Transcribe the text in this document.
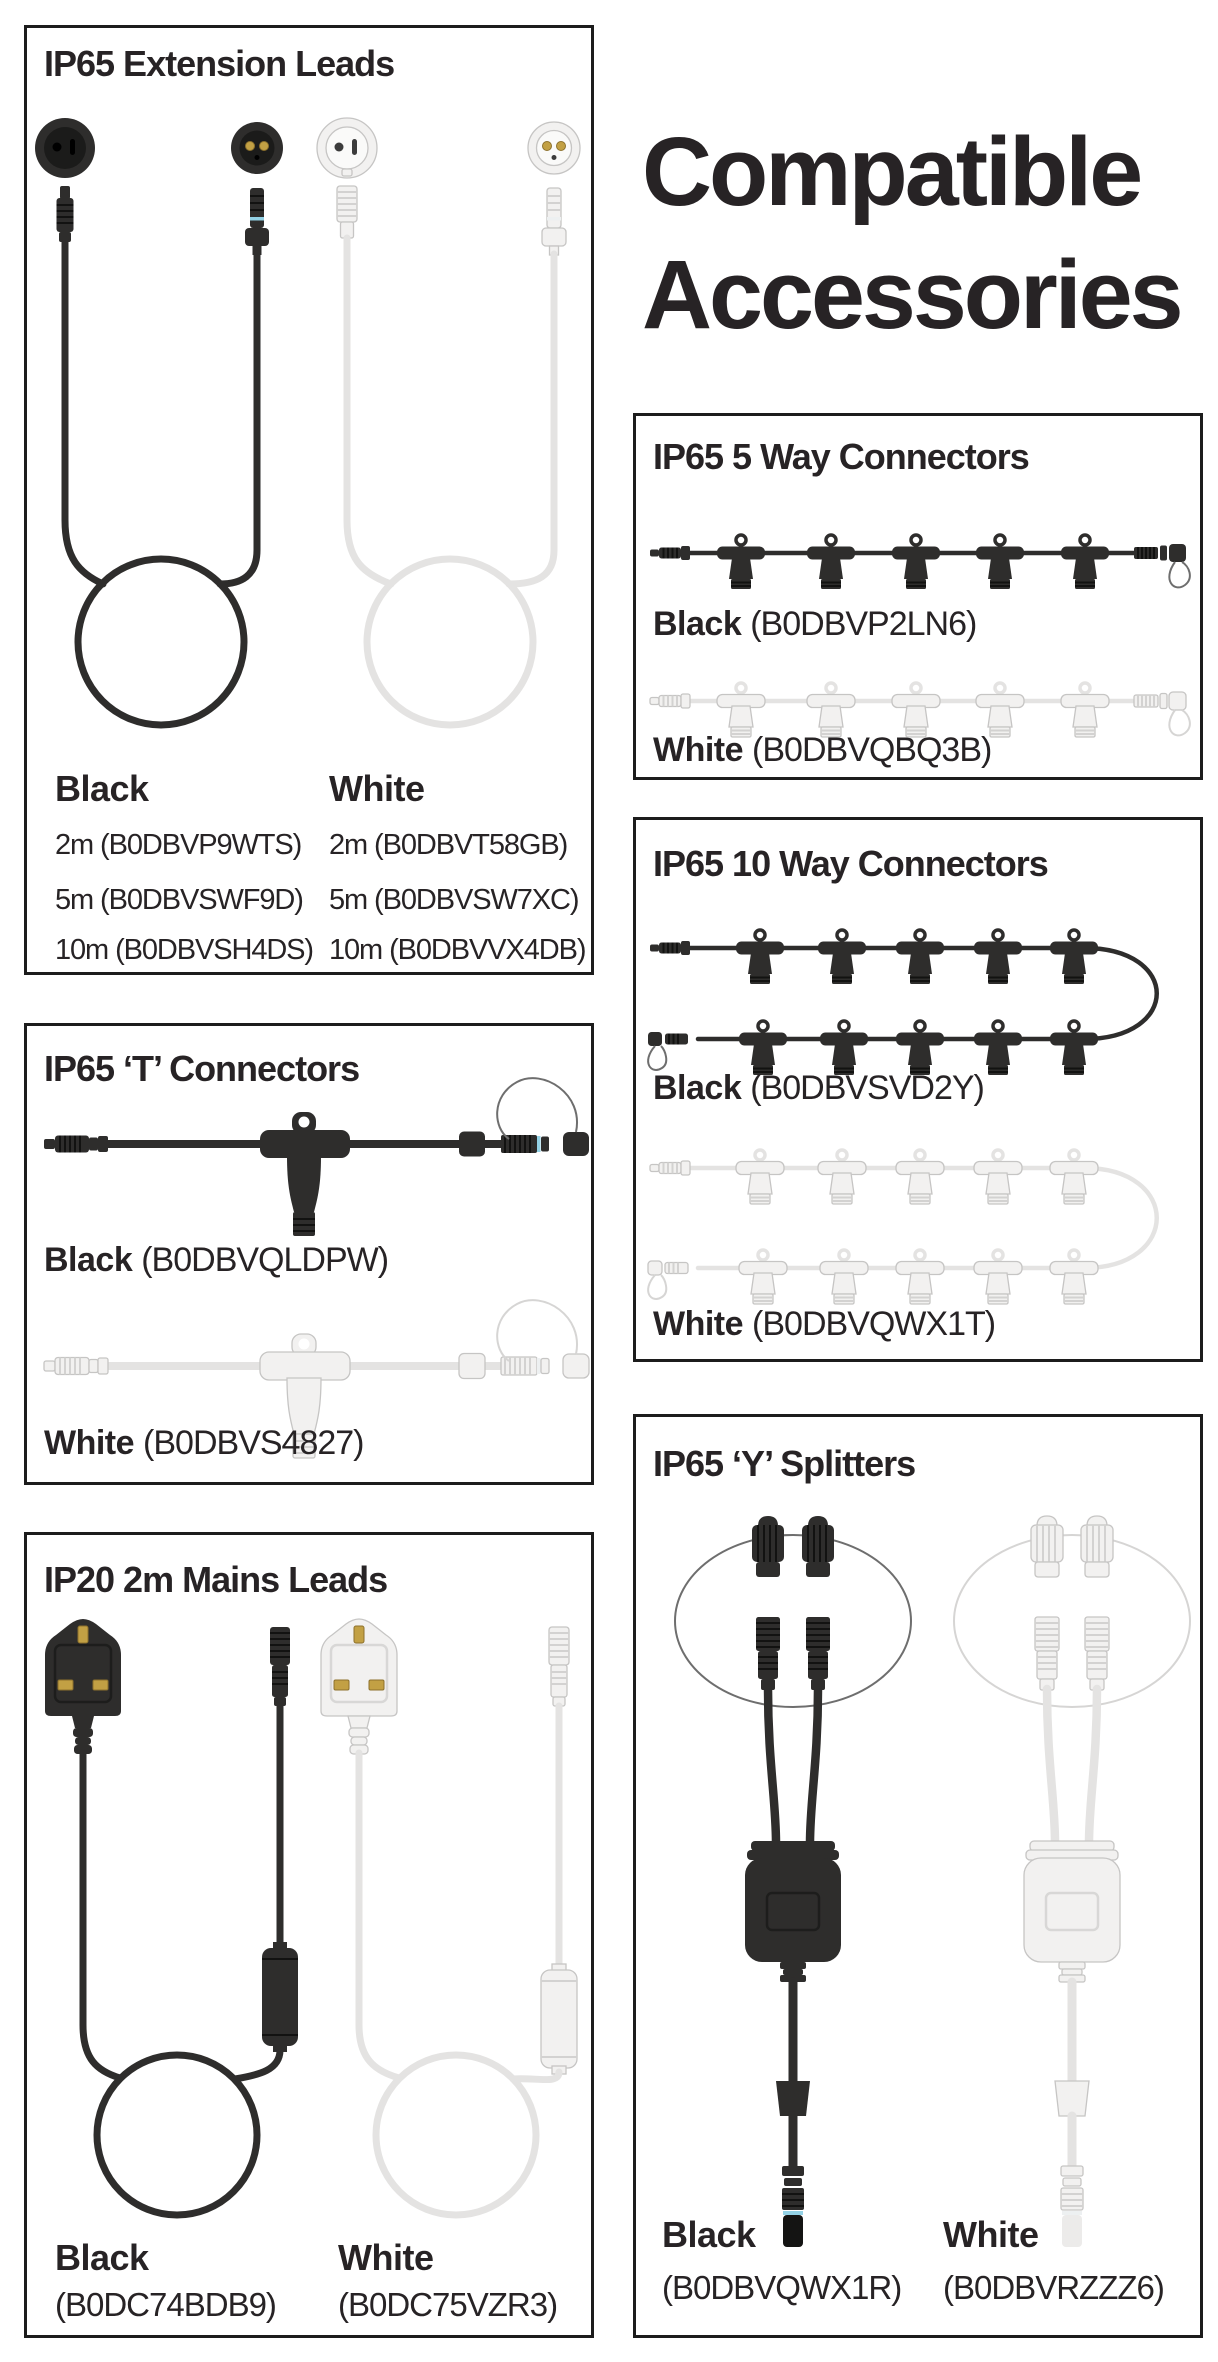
Compatible
Accessories
IP65 Extension Leads
Black	White
2m (B0DBVP9WTS)
5m (B0DBVSWF9D)
10m (B0DBVSH4DS)
2m (B0DBVT58GB)
5m (B0DBVSW7XC)
10m (B0DBVVX4DB)
IP65 ‘T’ Connectors
Black (B0DBVQLDPW)
White (B0DBVS4827)
IP20 2m Mains Leads
Black
(B0DC74BDB9)
White
(B0DC75VZR3)
IP65 5 Way Connectors
Black (B0DBVP2LN6)
White (B0DBVQBQ3B)
IP65 10 Way Connectors
Black (B0DBVSVD2Y)
White (B0DBVQWX1T)
IP65 ‘Y’ Splitters
Black
(B0DBVQWX1R)
White
(B0DBVRZZZ6)
